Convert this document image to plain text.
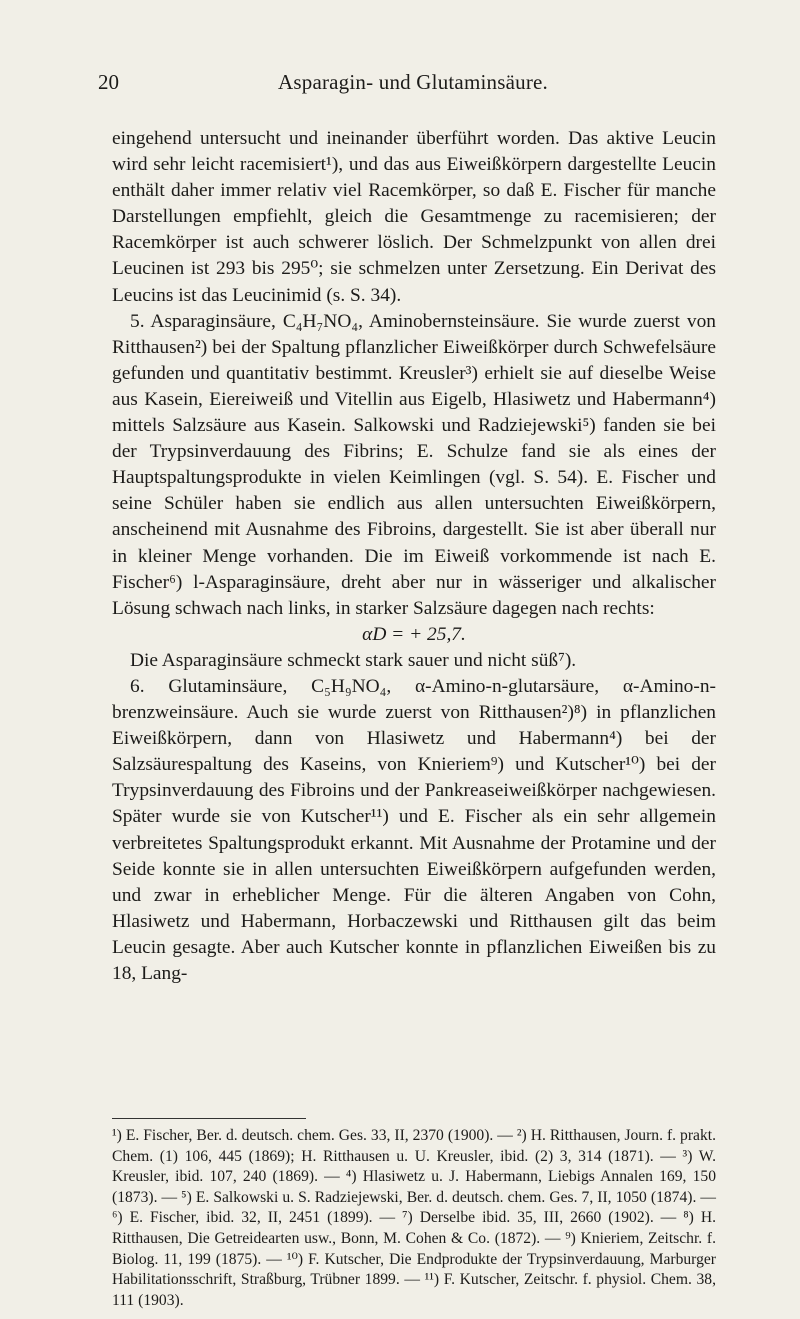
20	Asparagin- und Glutaminsäure.

eingehend untersucht und ineinander überführt worden. Das aktive Leucin wird sehr leicht racemisiert¹), und das aus Eiweißkörpern dargestellte Leucin enthält daher immer relativ viel Racemkörper, so daß E. Fischer für manche Darstellungen empfiehlt, gleich die Gesamtmenge zu racemisieren; der Racemkörper ist auch schwerer löslich. Der Schmelzpunkt von allen drei Leucinen ist 293 bis 295⁰; sie schmelzen unter Zersetzung. Ein Derivat des Leucins ist das Leucinimid (s. S. 34).

5. Asparaginsäure, C₄H₇NO₄, Aminobernsteinsäure. Sie wurde zuerst von Ritthausen²) bei der Spaltung pflanzlicher Eiweißkörper durch Schwefelsäure gefunden und quantitativ bestimmt. Kreusler³) erhielt sie auf dieselbe Weise aus Kasein, Eiereiweiß und Vitellin aus Eigelb, Hlasiwetz und Habermann⁴) mittels Salzsäure aus Kasein. Salkowski und Radziejewski⁵) fanden sie bei der Trypsinverdauung des Fibrins; E. Schulze fand sie als eines der Hauptspaltungsprodukte in vielen Keimlingen (vgl. S. 54). E. Fischer und seine Schüler haben sie endlich aus allen untersuchten Eiweißkörpern, anscheinend mit Ausnahme des Fibroins, dargestellt. Sie ist aber überall nur in kleiner Menge vorhanden. Die im Eiweiß vorkommende ist nach E. Fischer⁶) l-Asparaginsäure, dreht aber nur in wässeriger und alkalischer Lösung schwach nach links, in starker Salzsäure dagegen nach rechts:

αD = + 25,7.

Die Asparaginsäure schmeckt stark sauer und nicht süß⁷).

6. Glutaminsäure, C₅H₉NO₄, α-Amino-n-glutarsäure, α-Amino-n-brenzweinsäure. Auch sie wurde zuerst von Ritthausen²)⁸) in pflanzlichen Eiweißkörpern, dann von Hlasiwetz und Habermann⁴) bei der Salzsäurespaltung des Kaseins, von Knieriem⁹) und Kutscher¹⁰) bei der Trypsinverdauung des Fibroins und der Pankreaseiweißkörper nachgewiesen. Später wurde sie von Kutscher¹¹) und E. Fischer als ein sehr allgemein verbreitetes Spaltungsprodukt erkannt. Mit Ausnahme der Protamine und der Seide konnte sie in allen untersuchten Eiweißkörpern aufgefunden werden, und zwar in erheblicher Menge. Für die älteren Angaben von Cohn, Hlasiwetz und Habermann, Horbaczewski und Ritthausen gilt das beim Leucin gesagte. Aber auch Kutscher konnte in pflanzlichen Eiweißen bis zu 18, Lang-

¹) E. Fischer, Ber. d. deutsch. chem. Ges. 33, II, 2370 (1900). — ²) H. Ritthausen, Journ. f. prakt. Chem. (1) 106, 445 (1869); H. Ritthausen u. U. Kreusler, ibid. (2) 3, 314 (1871). — ³) W. Kreusler, ibid. 107, 240 (1869). — ⁴) Hlasiwetz u. J. Habermann, Liebigs Annalen 169, 150 (1873). — ⁵) E. Salkowski u. S. Radziejewski, Ber. d. deutsch. chem. Ges. 7, II, 1050 (1874). — ⁶) E. Fischer, ibid. 32, II, 2451 (1899). — ⁷) Derselbe ibid. 35, III, 2660 (1902). — ⁸) H. Ritthausen, Die Getreidearten usw., Bonn, M. Cohen & Co. (1872). — ⁹) Knieriem, Zeitschr. f. Biolog. 11, 199 (1875). — ¹⁰) F. Kutscher, Die Endprodukte der Trypsinverdauung, Marburger Habilitationsschrift, Straßburg, Trübner 1899. — ¹¹) F. Kutscher, Zeitschr. f. physiol. Chem. 38, 111 (1903).
